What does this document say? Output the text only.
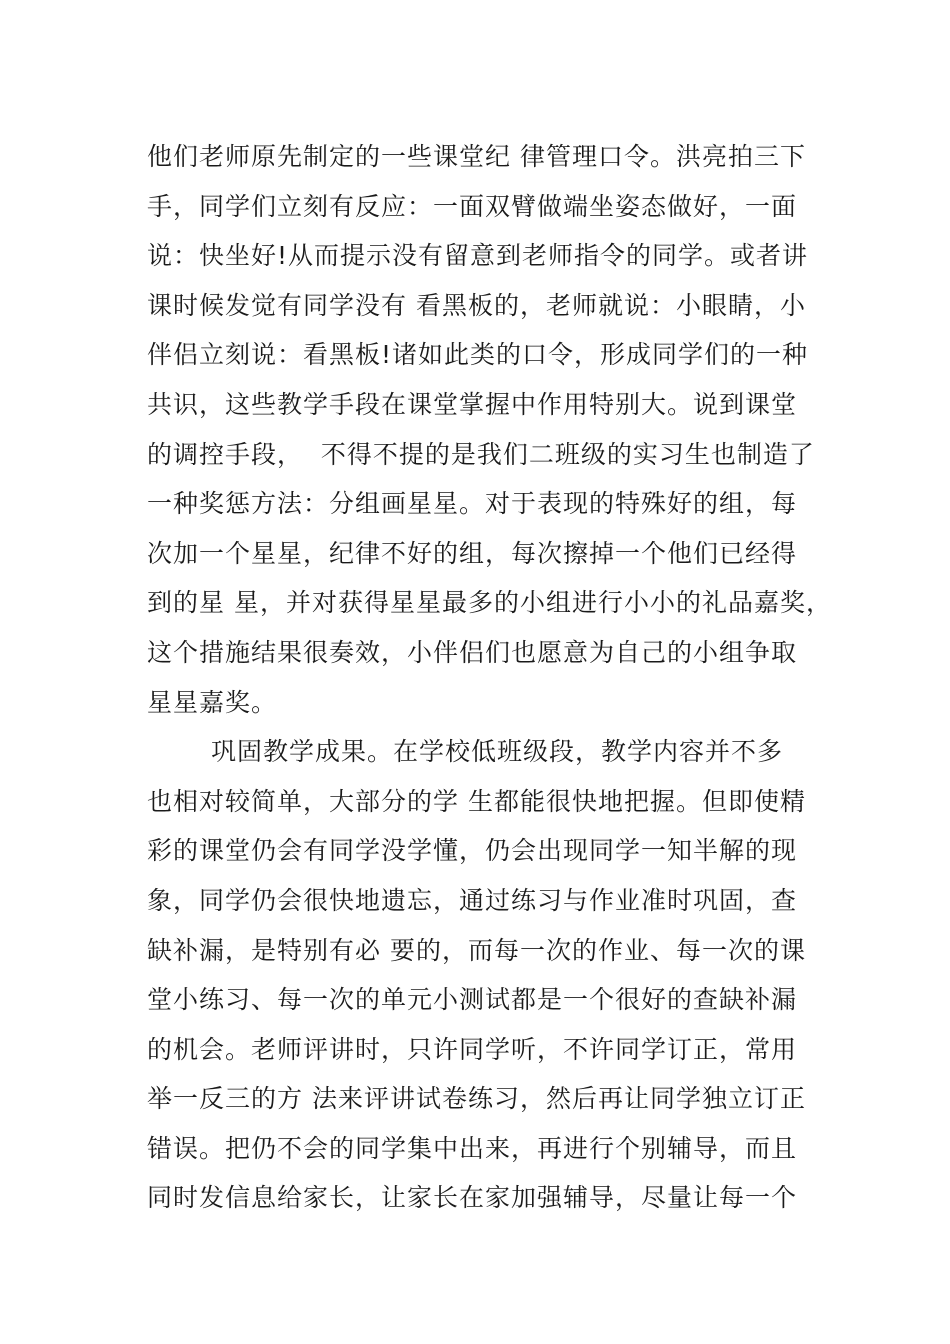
他们老师原先制定的一些课堂纪 律管理口令。洪亮拍三下
手，同学们立刻有反应：一面双臂做端坐姿态做好，一面
说：快坐好!从而提示没有留意到老师指令的同学。或者讲
课时候发觉有同学没有 看黑板的，老师就说：小眼睛，小
伴侣立刻说：看黑板!诸如此类的口令，形成同学们的一种
共识，这些教学手段在课堂掌握中作用特别大。说到课堂
的调控手段，  不得不提的是我们二班级的实习生也制造了
一种奖惩方法：分组画星星。对于表现的特殊好的组，每
次加一个星星，纪律不好的组，每次擦掉一个他们已经得
到的星 星，并对获得星星最多的小组进行小小的礼品嘉奖，
这个措施结果很奏效，小伴侣们也愿意为自己的小组争取
星星嘉奖。
巩固教学成果。在学校低班级段，教学内容并不多
也相对较简单，大部分的学 生都能很快地把握。但即使精
彩的课堂仍会有同学没学懂，仍会出现同学一知半解的现
象，同学仍会很快地遗忘，通过练习与作业准时巩固，查
缺补漏，是特别有必 要的，而每一次的作业、每一次的课
堂小练习、每一次的单元小测试都是一个很好的查缺补漏
的机会。老师评讲时，只许同学听，不许同学订正，常用
举一反三的方 法来评讲试卷练习，然后再让同学独立订正
错误。把仍不会的同学集中出来，再进行个别辅导，而且
同时发信息给家长，让家长在家加强辅导，尽量让每一个
